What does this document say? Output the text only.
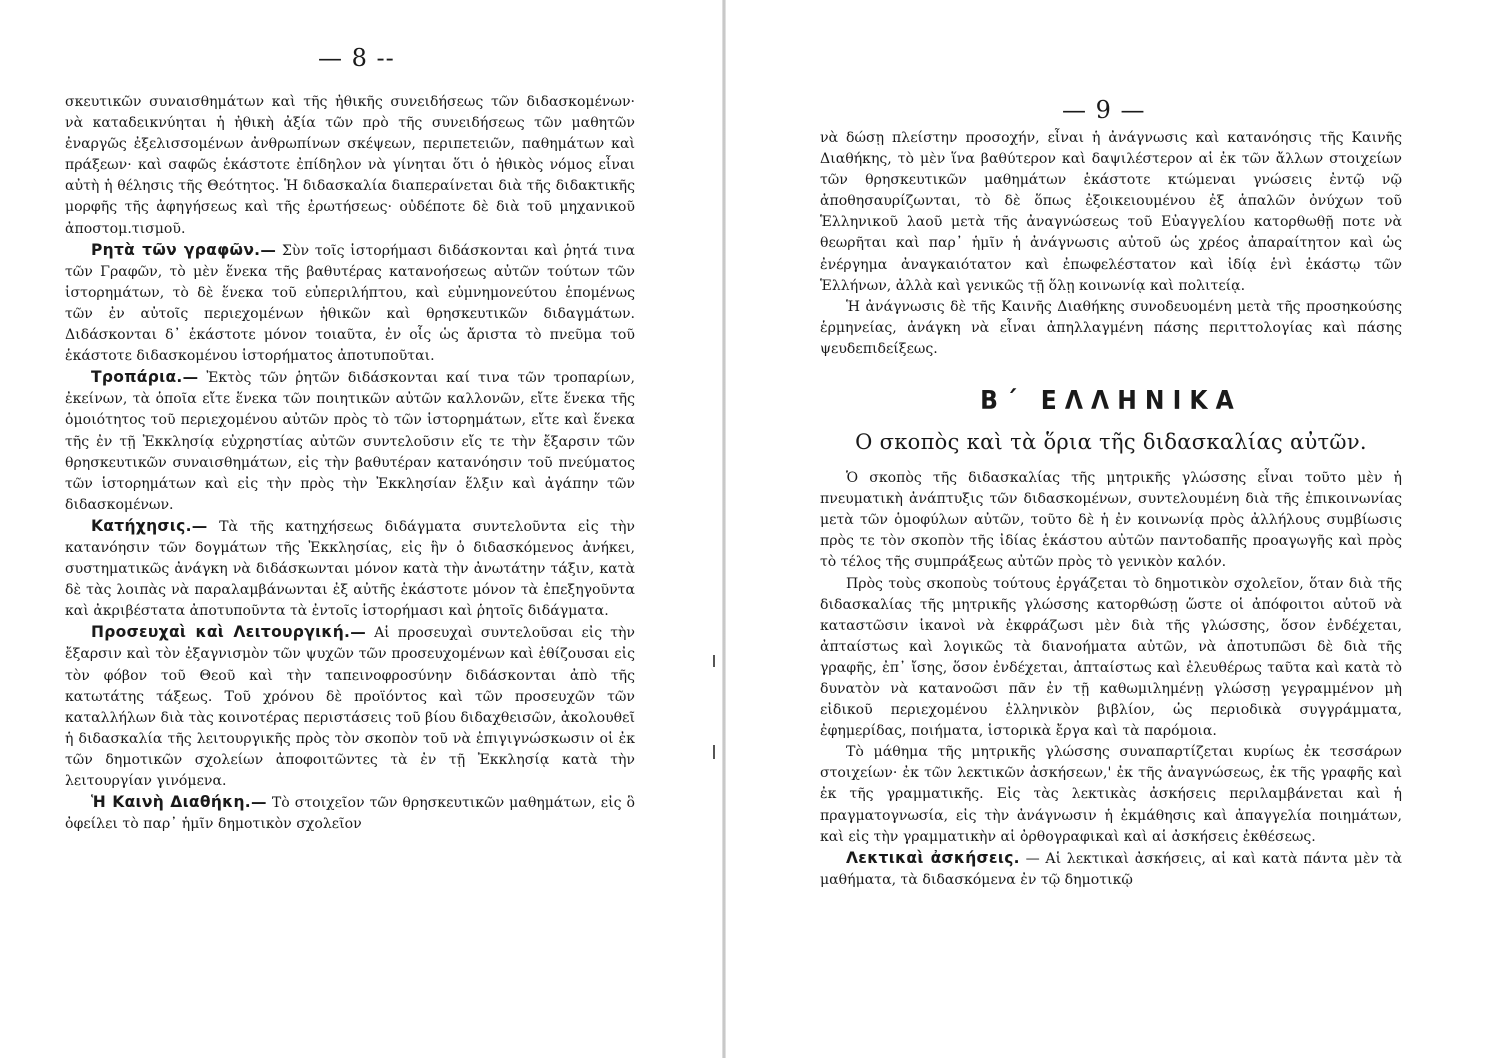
— 8 --

σκευτικῶν συναισθημάτων καὶ τῆς ἠθικῆς συνειδήσεως τῶν διδασκομένων· νὰ καταδεικνύηται ἡ ἠθικὴ ἀξία τῶν πρὸ τῆς συνειδήσεως τῶν μαθητῶν ἐναργῶς ἐξελισσομένων ἀνθρωπίνων σκέψεων, περιπετειῶν, παθημάτων καὶ πράξεων· καὶ σαφῶς ἑκάστοτε ἐπίδηλον νὰ γίνηται ὅτι ὁ ἠθικὸς νόμος εἶναι αὐτὴ ἡ θέλησις τῆς Θεότητος. Ἡ διδασκαλία διαπεραίνεται διὰ τῆς διδακτικῆς μορφῆς τῆς ἀφηγήσεως καὶ τῆς ἐρωτήσεως· οὐδέποτε δὲ διὰ τοῦ μηχανικοῦ ἀποστομ.τισμοῦ.

Ρητὰ τῶν γραφῶν.— Σὺν τοῖς ἱστορήμασι διδάσκονται καὶ ῥητά τινα τῶν Γραφῶν, τὸ μὲν ἕνεκα τῆς βαθυτέρας κατανοήσεως αὐτῶν τούτων τῶν ἱστορημάτων, τὸ δὲ ἕνεκα τοῦ εὐπεριλήπτου, καὶ εὐμνημονεύτου ἑπομένως τῶν ἐν αὐτοῖς περιεχομένων ἠθικῶν καὶ θρησκευτικῶν διδαγμάτων. Διδάσκονται δ᾿ ἑκάστοτε μόνον τοιαῦτα, ἐν οἷς ὡς ἄριστα τὸ πνεῦμα τοῦ ἑκάστοτε διδασκομένου ἱστορήματος ἀποτυποῦται.

Τροπάρια.— Ἐκτὸς τῶν ῥητῶν διδάσκονται καί τινα τῶν τροπαρίων, ἐκείνων, τὰ ὁποῖα εἴτε ἕνεκα τῶν ποιητικῶν αὐτῶν καλλονῶν, εἴτε ἕνεκα τῆς ὁμοιότητος τοῦ περιεχομένου αὐτῶν πρὸς τὸ τῶν ἱστορημάτων, εἴτε καὶ ἕνεκα τῆς ἐν τῇ Ἐκκλησίᾳ εὐχρηστίας αὐτῶν συντελοῦσιν εἴς τε τὴν ἔξαρσιν τῶν θρησκευτικῶν συναισθημάτων, εἰς τὴν βαθυτέραν κατανόησιν τοῦ πνεύματος τῶν ἱστορημάτων καὶ εἰς τὴν πρὸς τὴν Ἐκκλησίαν ἕλξιν καὶ ἀγάπην τῶν διδασκομένων.

Κατήχησις.— Τὰ τῆς κατηχήσεως διδάγματα συντελοῦντα εἰς τὴν κατανόησιν τῶν δογμάτων τῆς Ἐκκλησίας, εἰς ἣν ὁ διδασκόμενος ἀνήκει, συστηματικῶς ἀνάγκη νὰ διδάσκωνται μόνον κατὰ τὴν ἀνωτάτην τάξιν, κατὰ δὲ τὰς λοιπὰς νὰ παραλαμβάνωνται ἐξ αὐτῆς ἑκάστοτε μόνον τὰ ἐπεξηγοῦντα καὶ ἀκριβέστατα ἀποτυποῦντα τὰ ἐντοῖς ἱστορήμασι καὶ ῥητοῖς διδάγματα.

Προσευχαὶ καὶ Λειτουργική.— Αἱ προσευχαὶ συντελοῦσαι εἰς τὴν ἔξαρσιν καὶ τὸν ἐξαγνισμὸν τῶν ψυχῶν τῶν προσευχομένων καὶ ἐθίζουσαι εἰς τὸν φόβον τοῦ Θεοῦ καὶ τὴν ταπεινοφροσύνην διδάσκονται ἀπὸ τῆς κατωτάτης τάξεως. Τοῦ χρόνου δὲ προϊόντος καὶ τῶν προσευχῶν τῶν καταλλήλων διὰ τὰς κοινοτέρας περιστάσεις τοῦ βίου διδαχθεισῶν, ἀκολουθεῖ ἡ διδασκαλία τῆς λειτουργικῆς πρὸς τὸν σκοπὸν τοῦ νὰ ἐπιγιγνώσκωσιν οἱ ἐκ τῶν δημοτικῶν σχολείων ἀποφοιτῶντες τὰ ἐν τῇ Ἐκκλησίᾳ κατὰ τὴν λειτουργίαν γινόμενα.

Ἡ Καινὴ Διαθήκη.— Τὸ στοιχεῖον τῶν θρησκευτικῶν μαθημάτων, εἰς ὃ ὀφείλει τὸ παρ᾿ ἡμῖν δημοτικὸν σχολεῖον

— 9 —

νὰ δώσῃ πλείστην προσοχήν, εἶναι ἡ ἀνάγνωσις καὶ κατανόησις τῆς Καινῆς Διαθήκης, τὸ μὲν ἵνα βαθύτερον καὶ δαψιλέστερον αἱ ἐκ τῶν ἄλλων στοιχείων τῶν θρησκευτικῶν μαθημάτων ἑκάστοτε κτώμεναι γνώσεις ἐντῷ νῷ ἀποθησαυρίζωνται, τὸ δὲ ὅπως ἐξοικειουμένου ἐξ ἁπαλῶν ὀνύχων τοῦ Ἑλληνικοῦ λαοῦ μετὰ τῆς ἀναγνώσεως τοῦ Εὐαγγελίου κατορθωθῇ ποτε νὰ θεωρῆται καὶ παρ᾿ ἡμῖν ἡ ἀνάγνωσις αὐτοῦ ὡς χρέος ἀπαραίτητον καὶ ὡς ἐνέργημα ἀναγκαιότατον καὶ ἐπωφελέστατον καὶ ἰδίᾳ ἑνὶ ἑκάστῳ τῶν Ἑλλήνων, ἀλλὰ καὶ γενικῶς τῇ ὅλῃ κοινωνίᾳ καὶ πολιτείᾳ.

Ἡ ἀνάγνωσις δὲ τῆς Καινῆς Διαθήκης συνοδευομένη μετὰ τῆς προσηκούσης ἑρμηνείας, ἀνάγκη νὰ εἶναι ἀπηλλαγμένη πάσης περιττολογίας καὶ πάσης ψευδεπιδείξεως.

Β΄ ΕΛΛΗΝΙΚΑ
Ο σκοπὸς καὶ τὰ ὅρια τῆς διδασκαλίας αὐτῶν.

Ὁ σκοπὸς τῆς διδασκαλίας τῆς μητρικῆς γλώσσης εἶναι τοῦτο μὲν ἡ πνευματικὴ ἀνάπτυξις τῶν διδασκομένων, συντελουμένη διὰ τῆς ἐπικοινωνίας μετὰ τῶν ὁμοφύλων αὐτῶν, τοῦτο δὲ ἡ ἐν κοινωνίᾳ πρὸς ἀλλήλους συμβίωσις πρὸς τε τὸν σκοπὸν τῆς ἰδίας ἑκάστου αὐτῶν παντοδαπῆς προαγωγῆς καὶ πρὸς τὸ τέλος τῆς συμπράξεως αὐτῶν πρὸς τὸ γενικὸν καλόν.

Πρὸς τοὺς σκοποὺς τούτους ἐργάζεται τὸ δημοτικὸν σχολεῖον, ὅταν διὰ τῆς διδασκαλίας τῆς μητρικῆς γλώσσης κατορθώσῃ ὥστε οἱ ἀπόφοιτοι αὐτοῦ νὰ καταστῶσιν ἱκανοὶ νὰ ἐκφράζωσι μὲν διὰ τῆς γλώσσης, ὅσον ἐνδέχεται, ἀπταίστως καὶ λογικῶς τὰ διανοήματα αὐτῶν, νὰ ἀποτυπῶσι δὲ διὰ τῆς γραφῆς, ἐπ᾿ ἴσης, ὅσον ἐνδέχεται, ἀπταίστως καὶ ἐλευθέρως ταῦτα καὶ κατὰ τὸ δυνατὸν νὰ κατανοῶσι πᾶν ἐν τῇ καθωμιλημένῃ γλώσσῃ γεγραμμένον μὴ εἰδικοῦ περιεχομένου ἑλληνικὸν βιβλίον, ὡς περιοδικὰ συγγράμματα, ἐφημερίδας, ποιήματα, ἱστορικὰ ἔργα καὶ τὰ παρόμοια.

Τὸ μάθημα τῆς μητρικῆς γλώσσης συναπαρτίζεται κυρίως ἐκ τεσσάρων στοιχείων· ἐκ τῶν λεκτικῶν ἀσκήσεων,' ἐκ τῆς ἀναγνώσεως, ἐκ τῆς γραφῆς καὶ ἐκ τῆς γραμματικῆς. Εἰς τὰς λεκτικὰς ἀσκήσεις περιλαμβάνεται καὶ ἡ πραγματογνωσία, εἰς τὴν ἀνάγνωσιν ἡ ἐκμάθησις καὶ ἀπαγγελία ποιημάτων, καὶ εἰς τὴν γραμματικὴν αἱ ὀρθογραφικαὶ καὶ αἱ ἀσκήσεις ἐκθέσεως.

Λεκτικαὶ ἀσκήσεις. — Αἱ λεκτικαὶ ἀσκήσεις, αἱ καὶ κατὰ πάντα μὲν τὰ μαθήματα, τὰ διδασκόμενα ἐν τῷ δημοτικῷ
